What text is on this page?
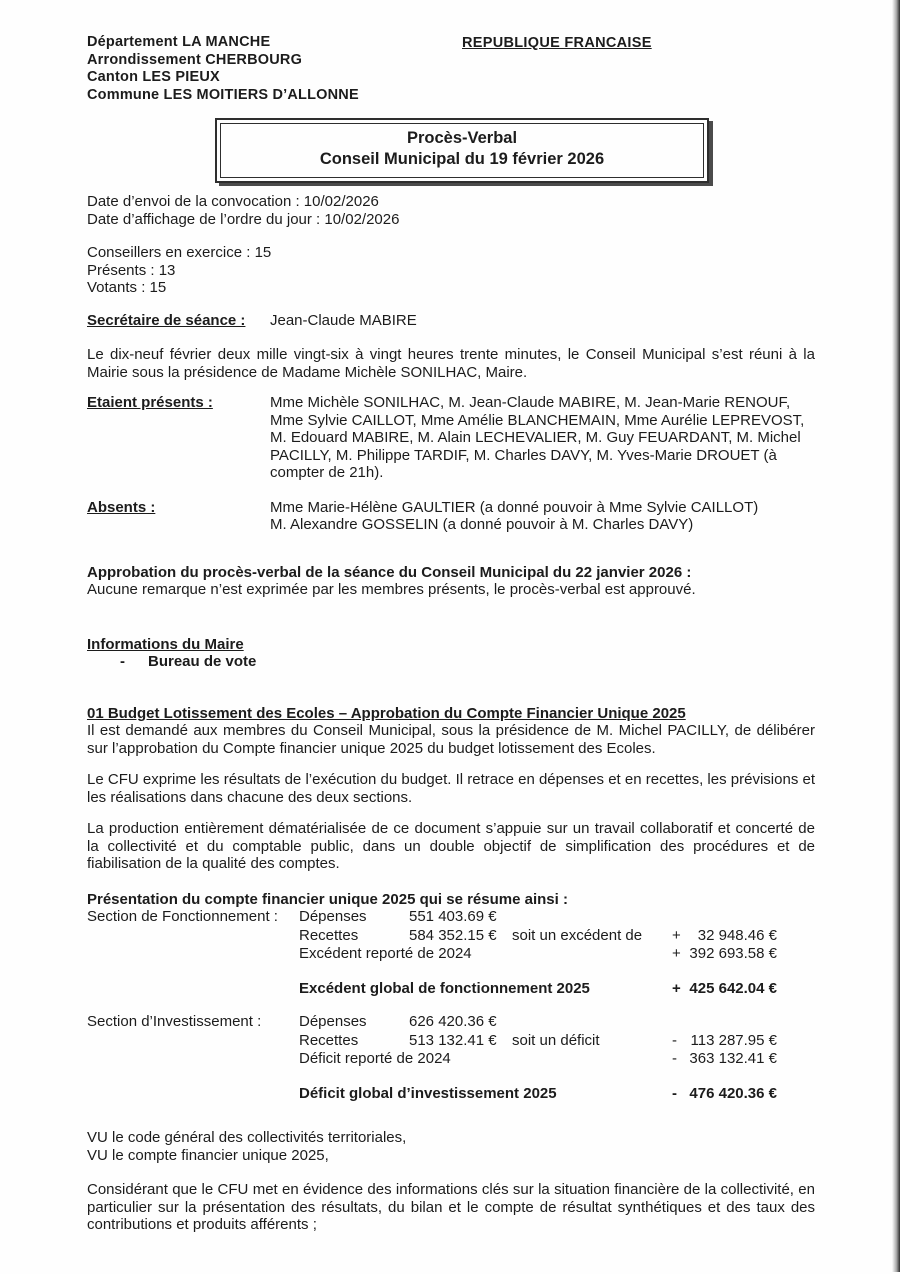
Département LA MANCHE
Arrondissement CHERBOURG
Canton LES PIEUX
Commune LES MOITIERS D’ALLONNE
REPUBLIQUE FRANCAISE
Procès-Verbal
Conseil Municipal du 19 février 2026
Date d’envoi de la convocation : 10/02/2026
Date d’affichage de l’ordre du jour : 10/02/2026
Conseillers en exercice : 15
Présents : 13
Votants : 15
Secrétaire de séance :	Jean-Claude MABIRE

Le dix-neuf février deux mille vingt-six à vingt heures trente minutes, le Conseil Municipal s’est réuni à la Mairie sous la présidence de Madame Michèle SONILHAC, Maire.

Etaient présents :	Mme Michèle SONILHAC, M. Jean-Claude MABIRE, M. Jean-Marie RENOUF, Mme Sylvie CAILLOT, Mme Amélie BLANCHEMAIN, Mme Aurélie LEPREVOST, M. Edouard MABIRE, M. Alain LECHEVALIER, M. Guy FEUARDANT, M. Michel PACILLY, M. Philippe TARDIF, M. Charles DAVY, M. Yves-Marie DROUET (à compter de 21h).
Absents :	Mme Marie-Hélène GAULTIER (a donné pouvoir à Mme Sylvie CAILLOT)
M. Alexandre GOSSELIN (a donné pouvoir à M. Charles DAVY)
Approbation du procès-verbal de la séance du Conseil Municipal du 22 janvier 2026 :
Aucune remarque n’est exprimée par les membres présents, le procès-verbal est approuvé.
Informations du Maire
-	Bureau de vote
01 Budget Lotissement des Ecoles – Approbation du Compte Financier Unique 2025

Il est demandé aux membres du Conseil Municipal, sous la présidence de M. Michel PACILLY, de délibérer sur l’approbation du Compte financier unique 2025 du budget lotissement des Ecoles.

Le CFU exprime les résultats de l’exécution du budget. Il retrace en dépenses et en recettes, les prévisions et les réalisations dans chacune des deux sections.

La production entièrement dématérialisée de ce document s’appuie sur un travail collaboratif et concerté de la collectivité et du comptable public, dans un double objectif de simplification des procédures et de fiabilisation de la qualité des comptes.

Présentation du compte financier unique 2025 qui se résume ainsi :
Section de Fonctionnement :	Dépenses	551 403.69 €
Recettes	584 352.15 €	soit un excédent de	+ 32 948.46 €
Excédent reporté de 2024	+ 392 693.58 €
Excédent global de fonctionnement 2025	+ 425 642.04 €
Section d’Investissement :	Dépenses	626 420.36 €
Recettes	513 132.41 €	soit un déficit	- 113 287.95 €
Déficit reporté de 2024	- 363 132.41 €
Déficit global d’investissement 2025	- 476 420.36 €
VU le code général des collectivités territoriales,
VU le compte financier unique 2025,

Considérant que le CFU met en évidence des informations clés sur la situation financière de la collectivité, en particulier sur la présentation des résultats, du bilan et le compte de résultat synthétiques et des taux des contributions et produits afférents ;
